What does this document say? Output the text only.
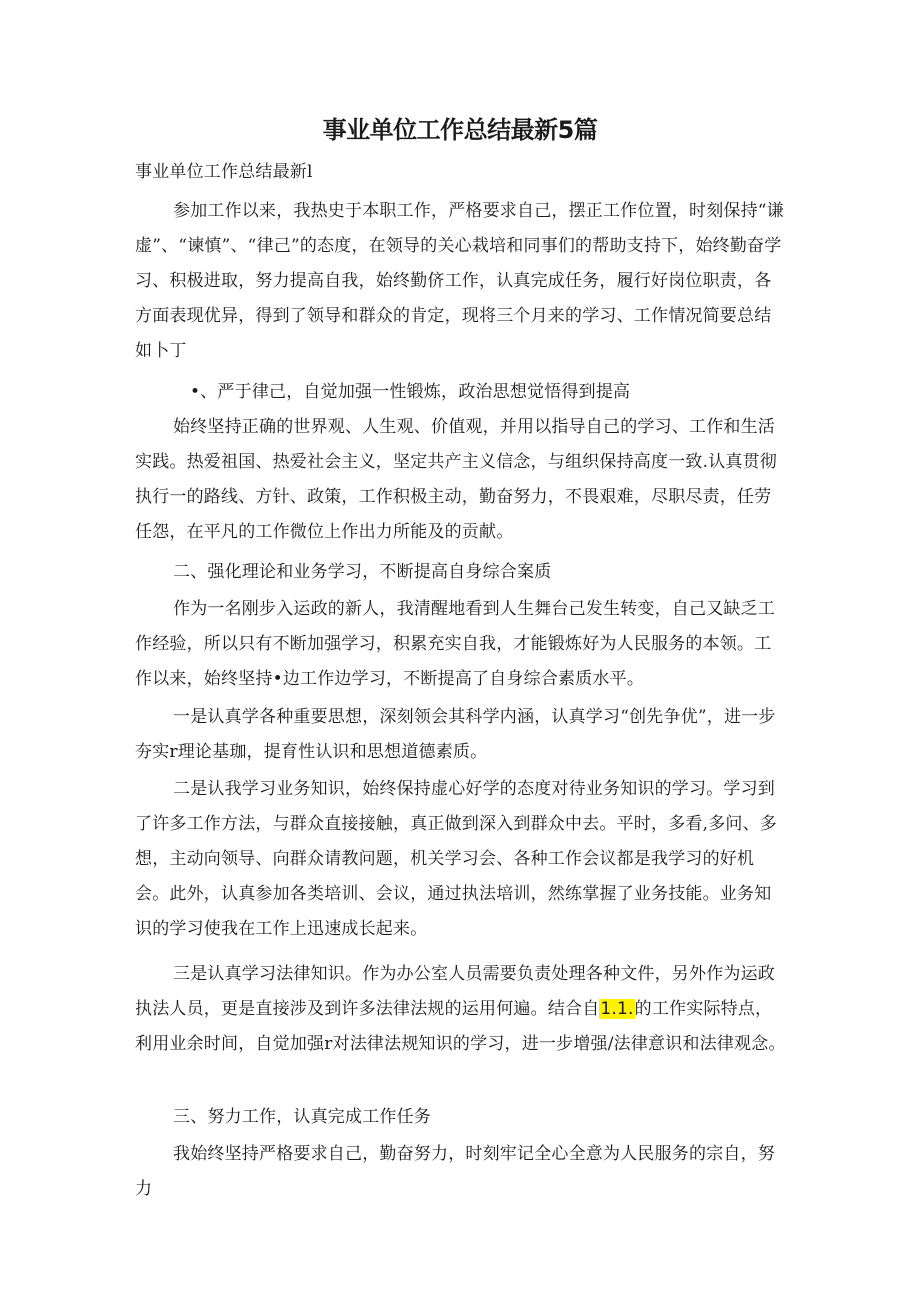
事业单位工作总结最新5篇
事业单位工作总结最新l
参加工作以来，我热史于本职工作，严格要求自己，摆正工作位置，时刻保持“谦虚”、“谏慎”、“律己”的态度，在领导的关心栽培和同事们的帮助支持下，始终勤奋学习、积极进取，努力提高自我，始终勤侪工作，认真完成任务，履行好岗位职责，各方面表现优异，得到了领导和群众的肯定，现将三个月来的学习、工作情况简要总结如卜丁
•、严于律己，自觉加强一性锻炼，政治思想觉悟得到提高
始终坚持正确的世界观、人生观、价值观，并用以指导自己的学习、工作和生活实践。热爱祖国、热爱社会主义，坚定共产主义信念，与组织保持高度一致.认真贯彻执行一的路线、方针、政策，工作积极主动，勤奋努力，不畏艰难，尽职尽责，任劳任怨，在平凡的工作微位上作出力所能及的贡献。
二、强化理论和业务学习，不断提高自身综合案质
作为一名刚步入运政的新人，我清醒地看到人生舞台己发生转变，自己又缺乏工作经验，所以只有不断加强学习，积累充实自我，才能锻炼好为人民服务的本领。工作以来，始终坚持•边工作边学习，不断提高了自身综合素质水平。
一是认真学各种重要思想，深刻领会其科学内涵，认真学习“创先争优”，进一步夯实r理论基珈，提育性认识和思想道德素质。
二是认我学习业务知识，始终保持虚心好学的态度对待业务知识的学习。学习到了许多工作方法，与群众直接接触，真正做到深入到群众中去。平时，多看,多问、多想，主动向领导、向群众请教问题，机关学习会、各种工作会议都是我学习的好机会。此外，认真参加各类培训、会议，通过执法培训，然练掌握了业务技能。业务知识的学习使我在工作上迅速成长起来。
三是认真学习法律知识。作为办公室人员需要负责处理各种文件，另外作为运政执法人员，更是直接涉及到许多法律法规的运用何遍。结合自1.1.的工作实际特点，利用业余时间，自觉加强r对法律法规知识的学习，进一步增强/法律意识和法律观念。
三、努力工作，认真完成工作任务
我始终坚持严格要求自己，勤奋努力，时刻牢记全心全意为人民服务的宗自，努力
